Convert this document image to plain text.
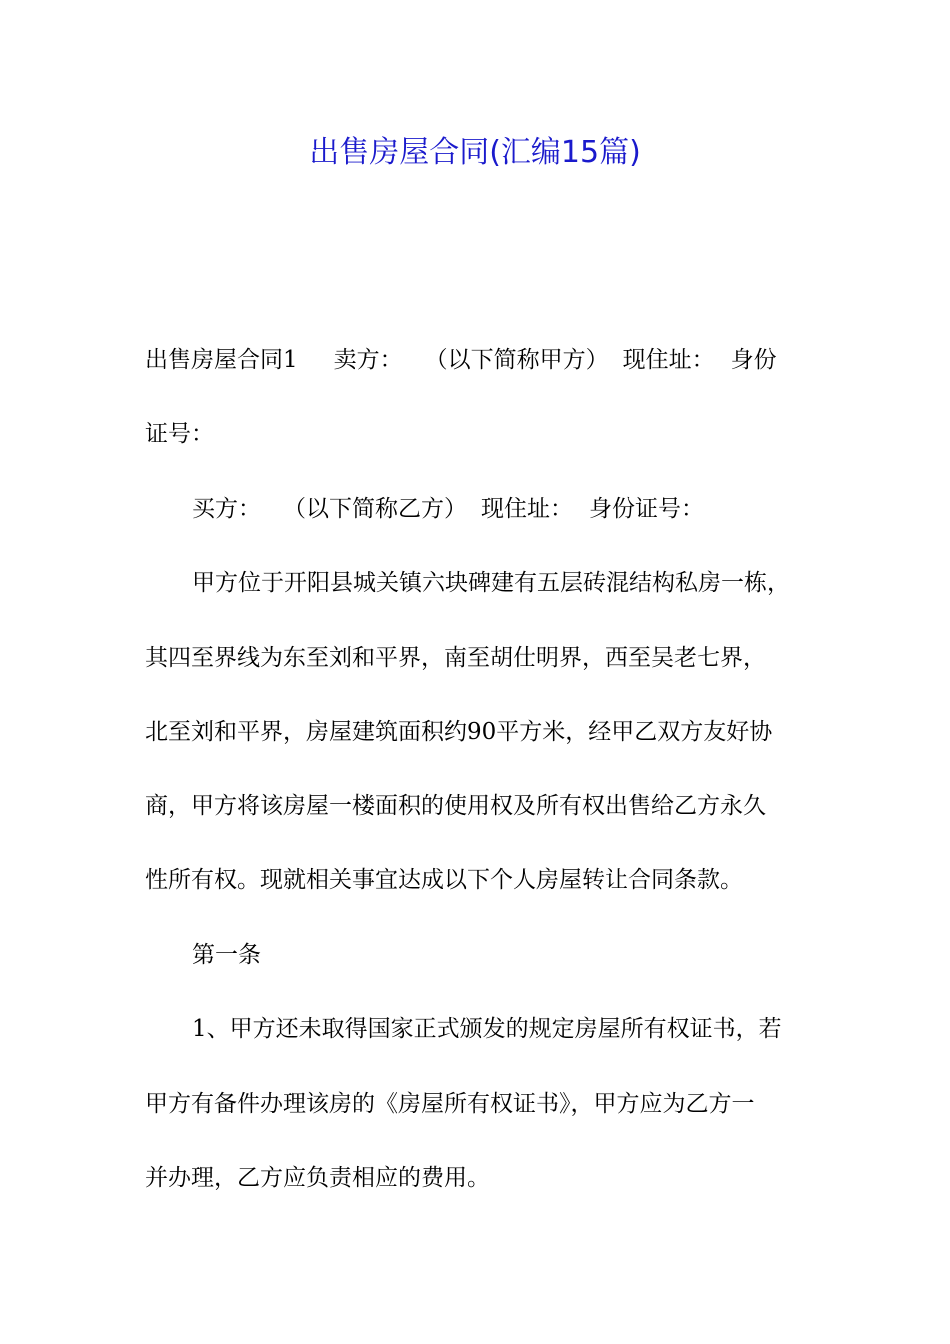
出售房屋合同(汇编15篇)
出售房屋合同1 卖方： （以下简称甲方） 现住址： 身份
证号：
买方： （以下简称乙方） 现住址： 身份证号：
甲方位于开阳县城关镇六块碑建有五层砖混结构私房一栋，
其四至界线为东至刘和平界，南至胡仕明界，西至吴老七界，
北至刘和平界，房屋建筑面积约90平方米，经甲乙双方友好协
商，甲方将该房屋一楼面积的使用权及所有权出售给乙方永久
性所有权。现就相关事宜达成以下个人房屋转让合同条款。
第一条
1、甲方还未取得国家正式颁发的规定房屋所有权证书，若
甲方有备件办理该房的《房屋所有权证书》，甲方应为乙方一
并办理，乙方应负责相应的费用。
